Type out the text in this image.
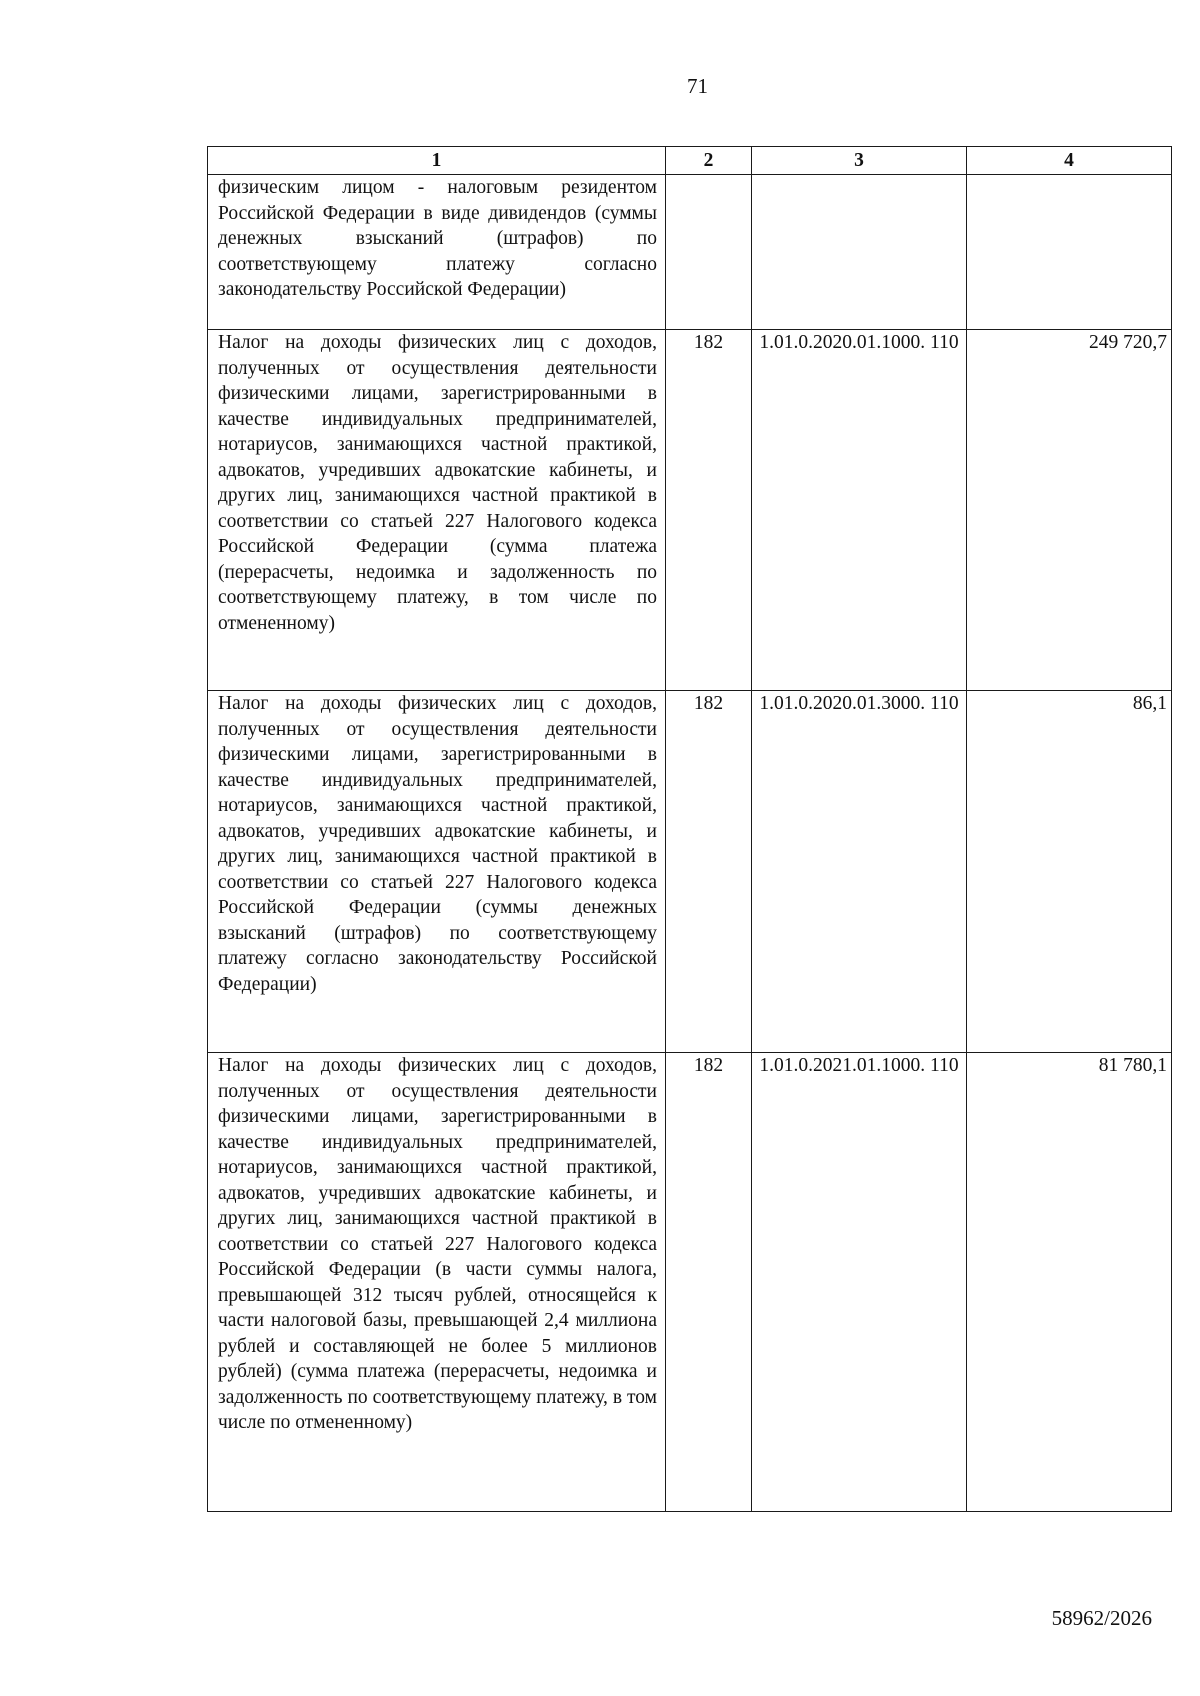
71
1	2	3	4
физическим лицом - налоговым резидентом Российской Федерации в виде дивидендов (суммы денежных взысканий (штрафов) по соответствующему платежу согласно законодательству Российской Федерации)			
Налог на доходы физических лиц с доходов, полученных от осуществления деятельности физическими лицами, зарегистрированными в качестве индивидуальных предпринимателей, нотариусов, занимающихся частной практикой, адвокатов, учредивших адвокатские кабинеты, и других лиц, занимающихся частной практикой в соответствии со статьей 227 Налогового кодекса Российской Федерации (сумма платежа (перерасчеты, недоимка и задолженность по соответствующему платежу, в том числе по отмененному)	182	1.01.0.2020.01.1000. 110	249 720,7
Налог на доходы физических лиц с доходов, полученных от осуществления деятельности физическими лицами, зарегистрированными в качестве индивидуальных предпринимателей, нотариусов, занимающихся частной практикой, адвокатов, учредивших адвокатские кабинеты, и других лиц, занимающихся частной практикой в соответствии со статьей 227 Налогового кодекса Российской Федерации (суммы денежных взысканий (штрафов) по соответствующему платежу согласно законодательству Российской Федерации)	182	1.01.0.2020.01.3000. 110	86,1
Налог на доходы физических лиц с доходов, полученных от осуществления деятельности физическими лицами, зарегистрированными в качестве индивидуальных предпринимателей, нотариусов, занимающихся частной практикой, адвокатов, учредивших адвокатские кабинеты, и других лиц, занимающихся частной практикой в соответствии со статьей 227 Налогового кодекса Российской Федерации (в части суммы налога, превышающей 312 тысяч рублей, относящейся к части налоговой базы, превышающей 2,4 миллиона рублей и составляющей не более 5 миллионов рублей) (сумма платежа (перерасчеты, недоимка и задолженность по соответствующему платежу, в том числе по отмененному)	182	1.01.0.2021.01.1000. 110	81 780,1
58962/2026
